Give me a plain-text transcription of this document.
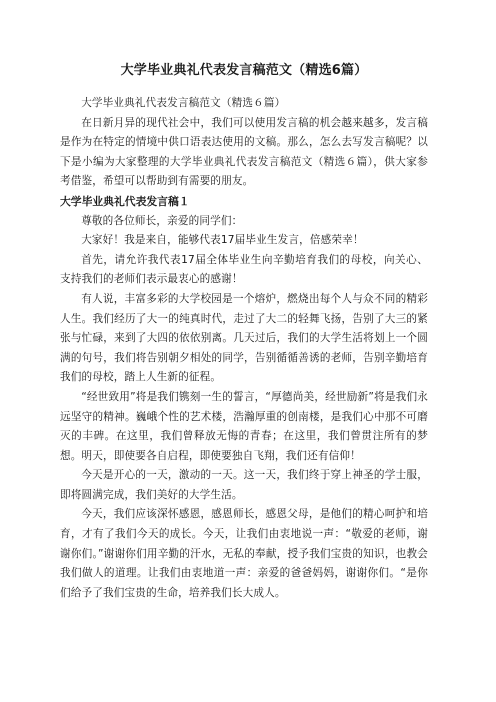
大学毕业典礼代表发言稿范文（精选6篇）

大学毕业典礼代表发言稿范文（精选６篇）

在日新月异的现代社会中，我们可以使用发言稿的机会越来越多，发言稿是作为在特定的情境中供口语表达使用的文稿。那么，怎么去写发言稿呢？以下是小编为大家整理的大学毕业典礼代表发言稿范文（精选６篇），供大家参考借鉴，希望可以帮助到有需要的朋友。

大学毕业典礼代表发言稿１

尊敬的各位师长，亲爱的同学们：

大家好！我是来自，能够代表17届毕业生发言，倍感荣幸！

首先，请允许我代表17届全体毕业生向辛勤培育我们的母校，向关心、支持我们的老师们表示最衷心的感谢！

有人说，丰富多彩的大学校园是一个熔炉，燃烧出每个人与众不同的精彩人生。我们经历了大一的纯真时代，走过了大二的轻舞飞扬，告别了大三的紧张与忙碌，来到了大四的依依别离。几天过后，我们的大学生活将划上一个圆满的句号，我们将告别朝夕相处的同学，告别循循善诱的老师，告别辛勤培育我们的母校，踏上人生新的征程。

“经世致用”将是我们镌刻一生的誓言，“厚德尚美，经世励新”将是我们永远坚守的精神。巍峨个性的艺术楼，浩瀚厚重的创南楼，是我们心中那不可磨灭的丰碑。在这里，我们曾释放无悔的青春；在这里，我们曾贯注所有的梦想。明天，即使要各自启程，即使要独自飞翔，我们还有信仰！

今天是开心的一天，激动的一天。这一天，我们终于穿上神圣的学士服，即将圆满完成，我们美好的大学生活。

今天，我们应该深怀感恩，感恩师长，感恩父母，是他们的精心呵护和培育，才有了我们今天的成长。今天，让我们由衷地说一声：“敬爱的老师，谢谢你们。”谢谢你们用辛勤的汗水，无私的奉献，授予我们宝贵的知识，也教会我们做人的道理。让我们由衷地道一声：亲爱的爸爸妈妈，谢谢你们。“是你们给予了我们宝贵的生命，培养我们长大成人。
